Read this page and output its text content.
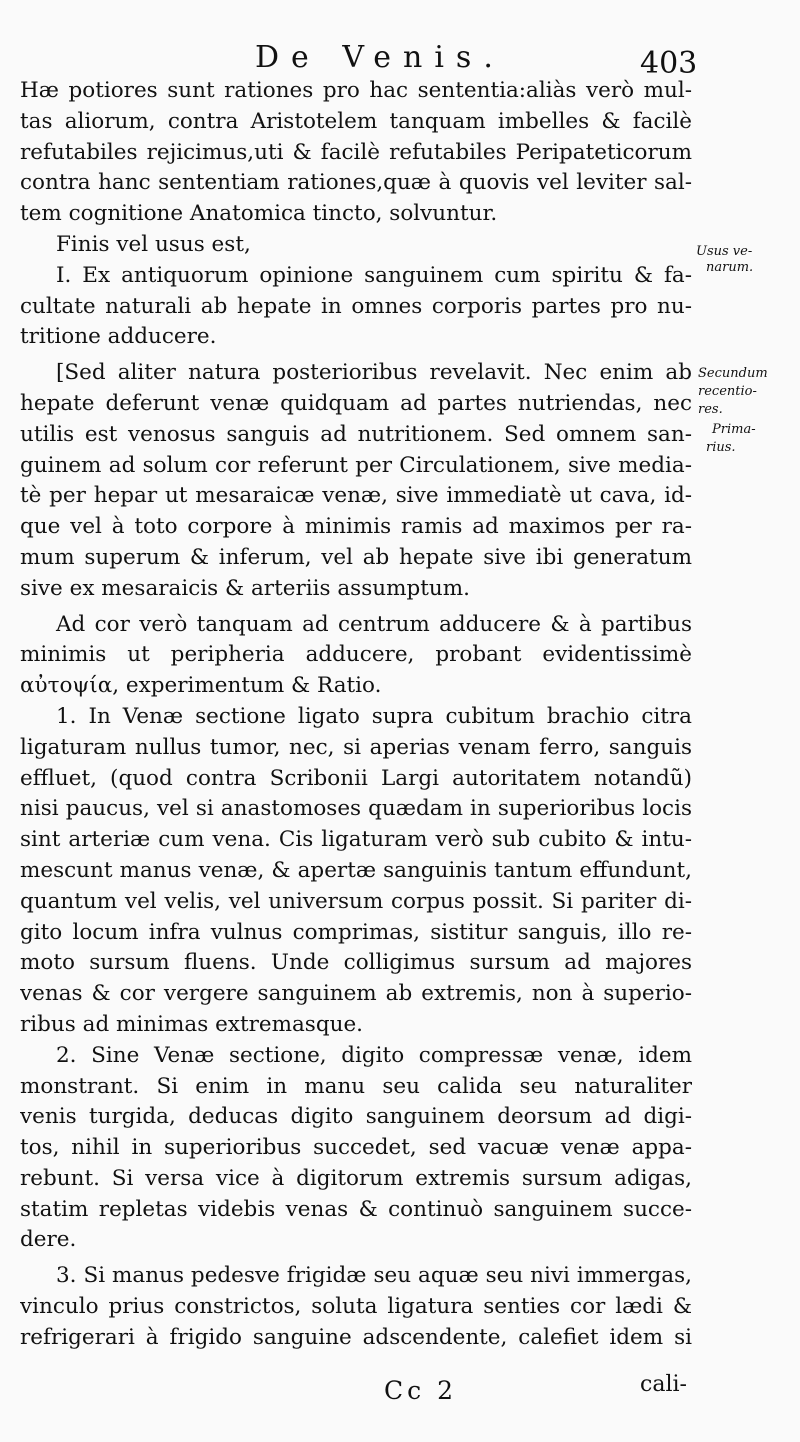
De Venis.	403
Hæ potiores sunt rationes pro hac sententia:aliàs verò mul-
tas aliorum, contra Aristotelem tanquam imbelles & facilè
refutabiles rejicimus,uti & facilè refutabiles Peripateticorum
contra hanc sententiam rationes,quæ à quovis vel leviter sal-
tem cognitione Anatomica tincto, solvuntur.
Finis vel usus est,
I. Ex antiquorum opinione sanguinem cum spiritu & fa-
cultate naturali ab hepate in omnes corporis partes pro nu-
tritione adducere.
[Sed aliter natura posterioribus revelavit. Nec enim ab
hepate deferunt venæ quidquam ad partes nutriendas, nec
utilis est venosus sanguis ad nutritionem. Sed omnem san-
guinem ad solum cor referunt per Circulationem, sive media-
tè per hepar ut mesaraicæ venæ, sive immediatè ut cava, id-
que vel à toto corpore à minimis ramis ad maximos per ra-
mum superum & inferum, vel ab hepate sive ibi generatum
sive ex mesaraicis & arteriis assumptum.
Ad cor verò tanquam ad centrum adducere & à partibus
minimis ut peripheria adducere, probant evidentissimè
αὐτοψία, experimentum & Ratio.
1. In Venæ sectione ligato supra cubitum brachio citra
ligaturam nullus tumor, nec, si aperias venam ferro, sanguis
effluet, (quod contra Scribonii Largi autoritatem notandũ)
nisi paucus, vel si anastomoses quædam in superioribus locis
sint arteriæ cum vena. Cis ligaturam verò sub cubito & intu-
mescunt manus venæ, & apertæ sanguinis tantum effundunt,
quantum vel velis, vel universum corpus possit. Si pariter di-
gito locum infra vulnus comprimas, sistitur sanguis, illo re-
moto sursum fluens. Unde colligimus sursum ad majores
venas & cor vergere sanguinem ab extremis, non à superio-
ribus ad minimas extremasque.
2. Sine Venæ sectione, digito compressæ venæ, idem
monstrant. Si enim in manu seu calida seu naturaliter
venis turgida, deducas digito sanguinem deorsum ad digi-
tos, nihil in superioribus succedet, sed vacuæ venæ appa-
rebunt. Si versa vice à digitorum extremis sursum adigas,
statim repletas videbis venas & continuò sanguinem succe-
dere.
3. Si manus pedesve frigidæ seu aquæ seu nivi immergas,
vinculo prius constrictos, soluta ligatura senties cor lædi &
refrigerari à frigido sanguine adscendente, calefiet idem si
Usus ve-
narum.
Secundum
recentio-
res.
Prima-
rius.
Cc 2	cali-
